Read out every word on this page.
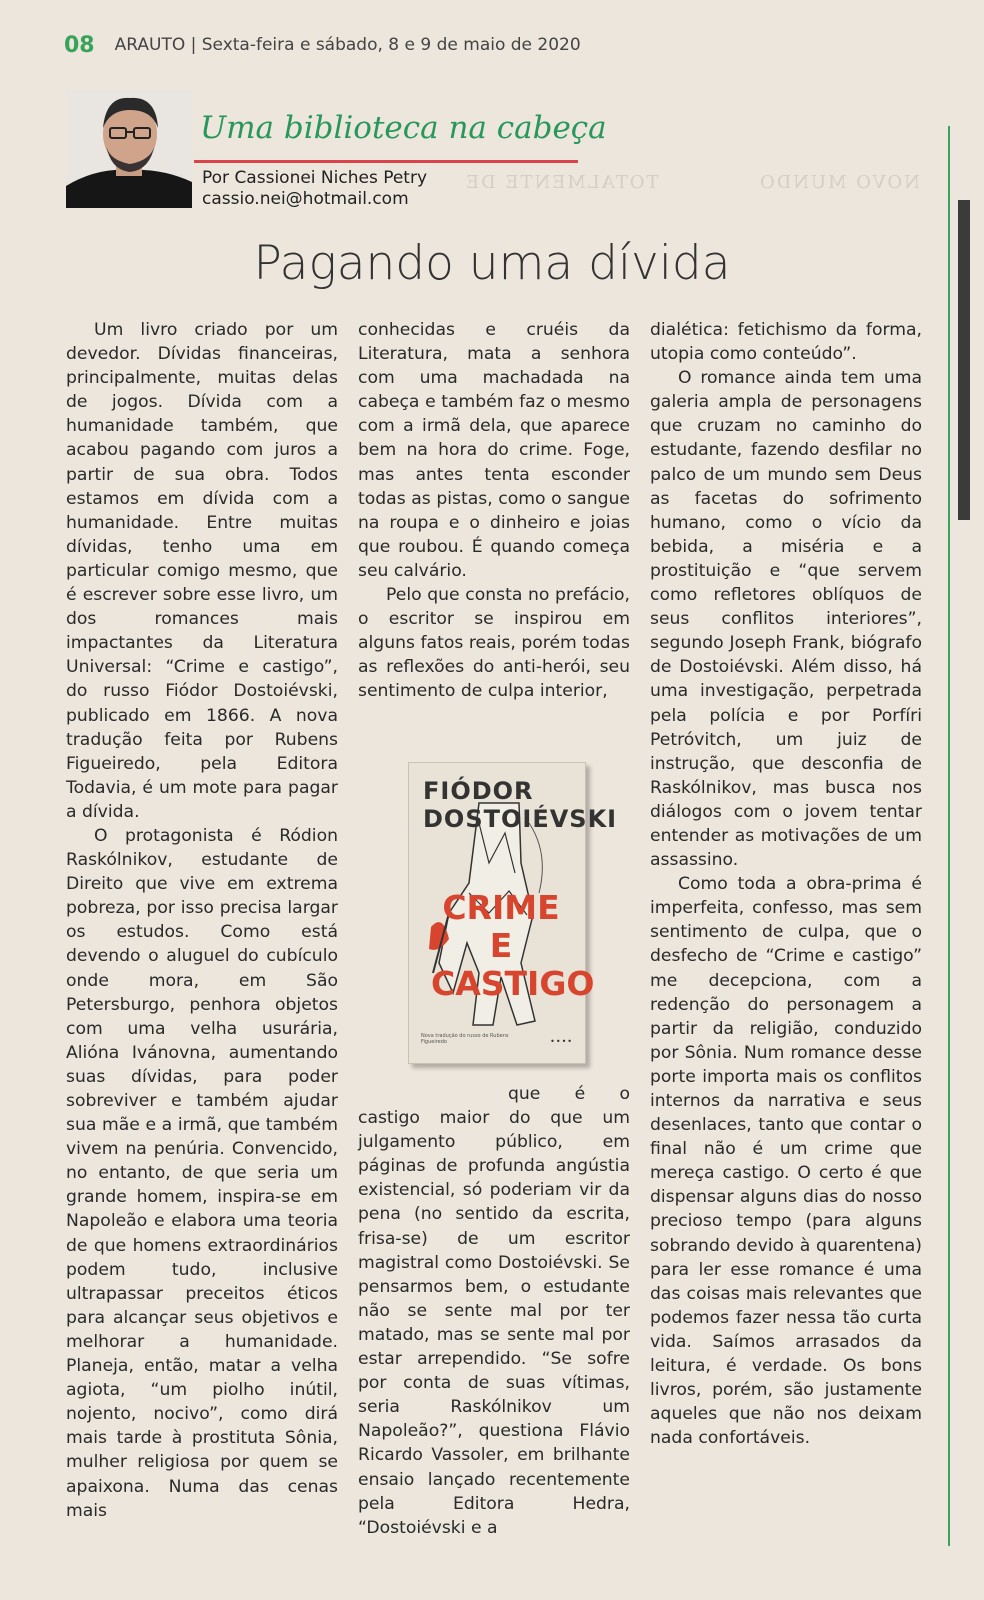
08 ARAUTO | Sexta-feira e sábado, 8 e 9 de maio de 2020
NOVO MUNDO
TOTALMENTE DE
Uma biblioteca na cabeça
Por Cassionei Niches Petry
cassio.nei@hotmail.com
Pagando uma dívida

Um livro criado por um devedor. Dívidas financeiras, principalmente, muitas delas de jogos. Dívida com a humanidade também, que acabou pagando com juros a partir de sua obra. Todos estamos em dívida com a humanidade. Entre muitas dívidas, tenho uma em particular comigo mesmo, que é escrever sobre esse livro, um dos romances mais impactantes da Literatura Universal: “Crime e castigo”, do russo Fiódor Dostoiévski, publicado em 1866. A nova tradução feita por Rubens Figueiredo, pela Editora Todavia, é um mote para pagar a dívida.

O protagonista é Ródion Raskólnikov, estudante de Direito que vive em extrema pobreza, por isso precisa largar os estudos. Como está devendo o aluguel do cubículo onde mora, em São Petersburgo, penhora objetos com uma velha usurária, Alióna Ivánovna, aumentando suas dívidas, para poder sobreviver e também ajudar sua mãe e a irmã, que também vivem na penúria. Convencido, no entanto, de que seria um grande homem, inspira-se em Napoleão e elabora uma teoria de que homens extraordinários podem tudo, inclusive ultrapassar preceitos éticos para alcançar seus objetivos e melhorar a humanidade. Planeja, então, matar a velha agiota, “um piolho inútil, nojento, nocivo”, como dirá mais tarde à prostituta Sônia, mulher religiosa por quem se apaixona. Numa das cenas mais

conhecidas e cruéis da Literatura, mata a senhora com uma machadada na cabeça e também faz o mesmo com a irmã dela, que aparece bem na hora do crime. Foge, mas antes tenta esconder todas as pistas, como o sangue na roupa e o dinheiro e joias que roubou. É quando começa seu calvário.

Pelo que consta no prefácio, o escritor se inspirou em alguns fatos reais, porém todas as reflexões do anti-herói, seu sentimento de culpa interior,

FIÓDOR
DOSTOIÉVSKI
CRIME
E
CASTIGO
Nova tradução do russo de Rubens Figueiredo	••••

que é o castigo maior do que um julgamento público, em páginas de profunda angústia existencial, só poderiam vir da pena (no sentido da escrita, frisa-se) de um escritor magistral como Dostoiévski. Se pensarmos bem, o estudante não se sente mal por ter matado, mas se sente mal por estar arrependido. “Se sofre por conta de suas vítimas, seria Raskólnikov um Napoleão?”, questiona Flávio Ricardo Vassoler, em brilhante ensaio lançado recentemente pela Editora Hedra, “Dostoiévski e a

dialética: fetichismo da forma, utopia como conteúdo”.

O romance ainda tem uma galeria ampla de personagens que cruzam no caminho do estudante, fazendo desfilar no palco de um mundo sem Deus as facetas do sofrimento humano, como o vício da bebida, a miséria e a prostituição e “que servem como refletores oblíquos de seus conflitos interiores”, segundo Joseph Frank, biógrafo de Dostoiévski. Além disso, há uma investigação, perpetrada pela polícia e por Porfíri Petróvitch, um juiz de instrução, que desconfia de Raskólnikov, mas busca nos diálogos com o jovem tentar entender as motivações de um assassino.

Como toda a obra-prima é imperfeita, confesso, mas sem sentimento de culpa, que o desfecho de “Crime e castigo” me decepciona, com a redenção do personagem a partir da religião, conduzido por Sônia. Num romance desse porte importa mais os conflitos internos da narrativa e seus desenlaces, tanto que contar o final não é um crime que mereça castigo. O certo é que dispensar alguns dias do nosso precioso tempo (para alguns sobrando devido à quarentena) para ler esse romance é uma das coisas mais relevantes que podemos fazer nessa tão curta vida. Saímos arrasados da leitura, é verdade. Os bons livros, porém, são justamente aqueles que não nos deixam nada confortáveis.
